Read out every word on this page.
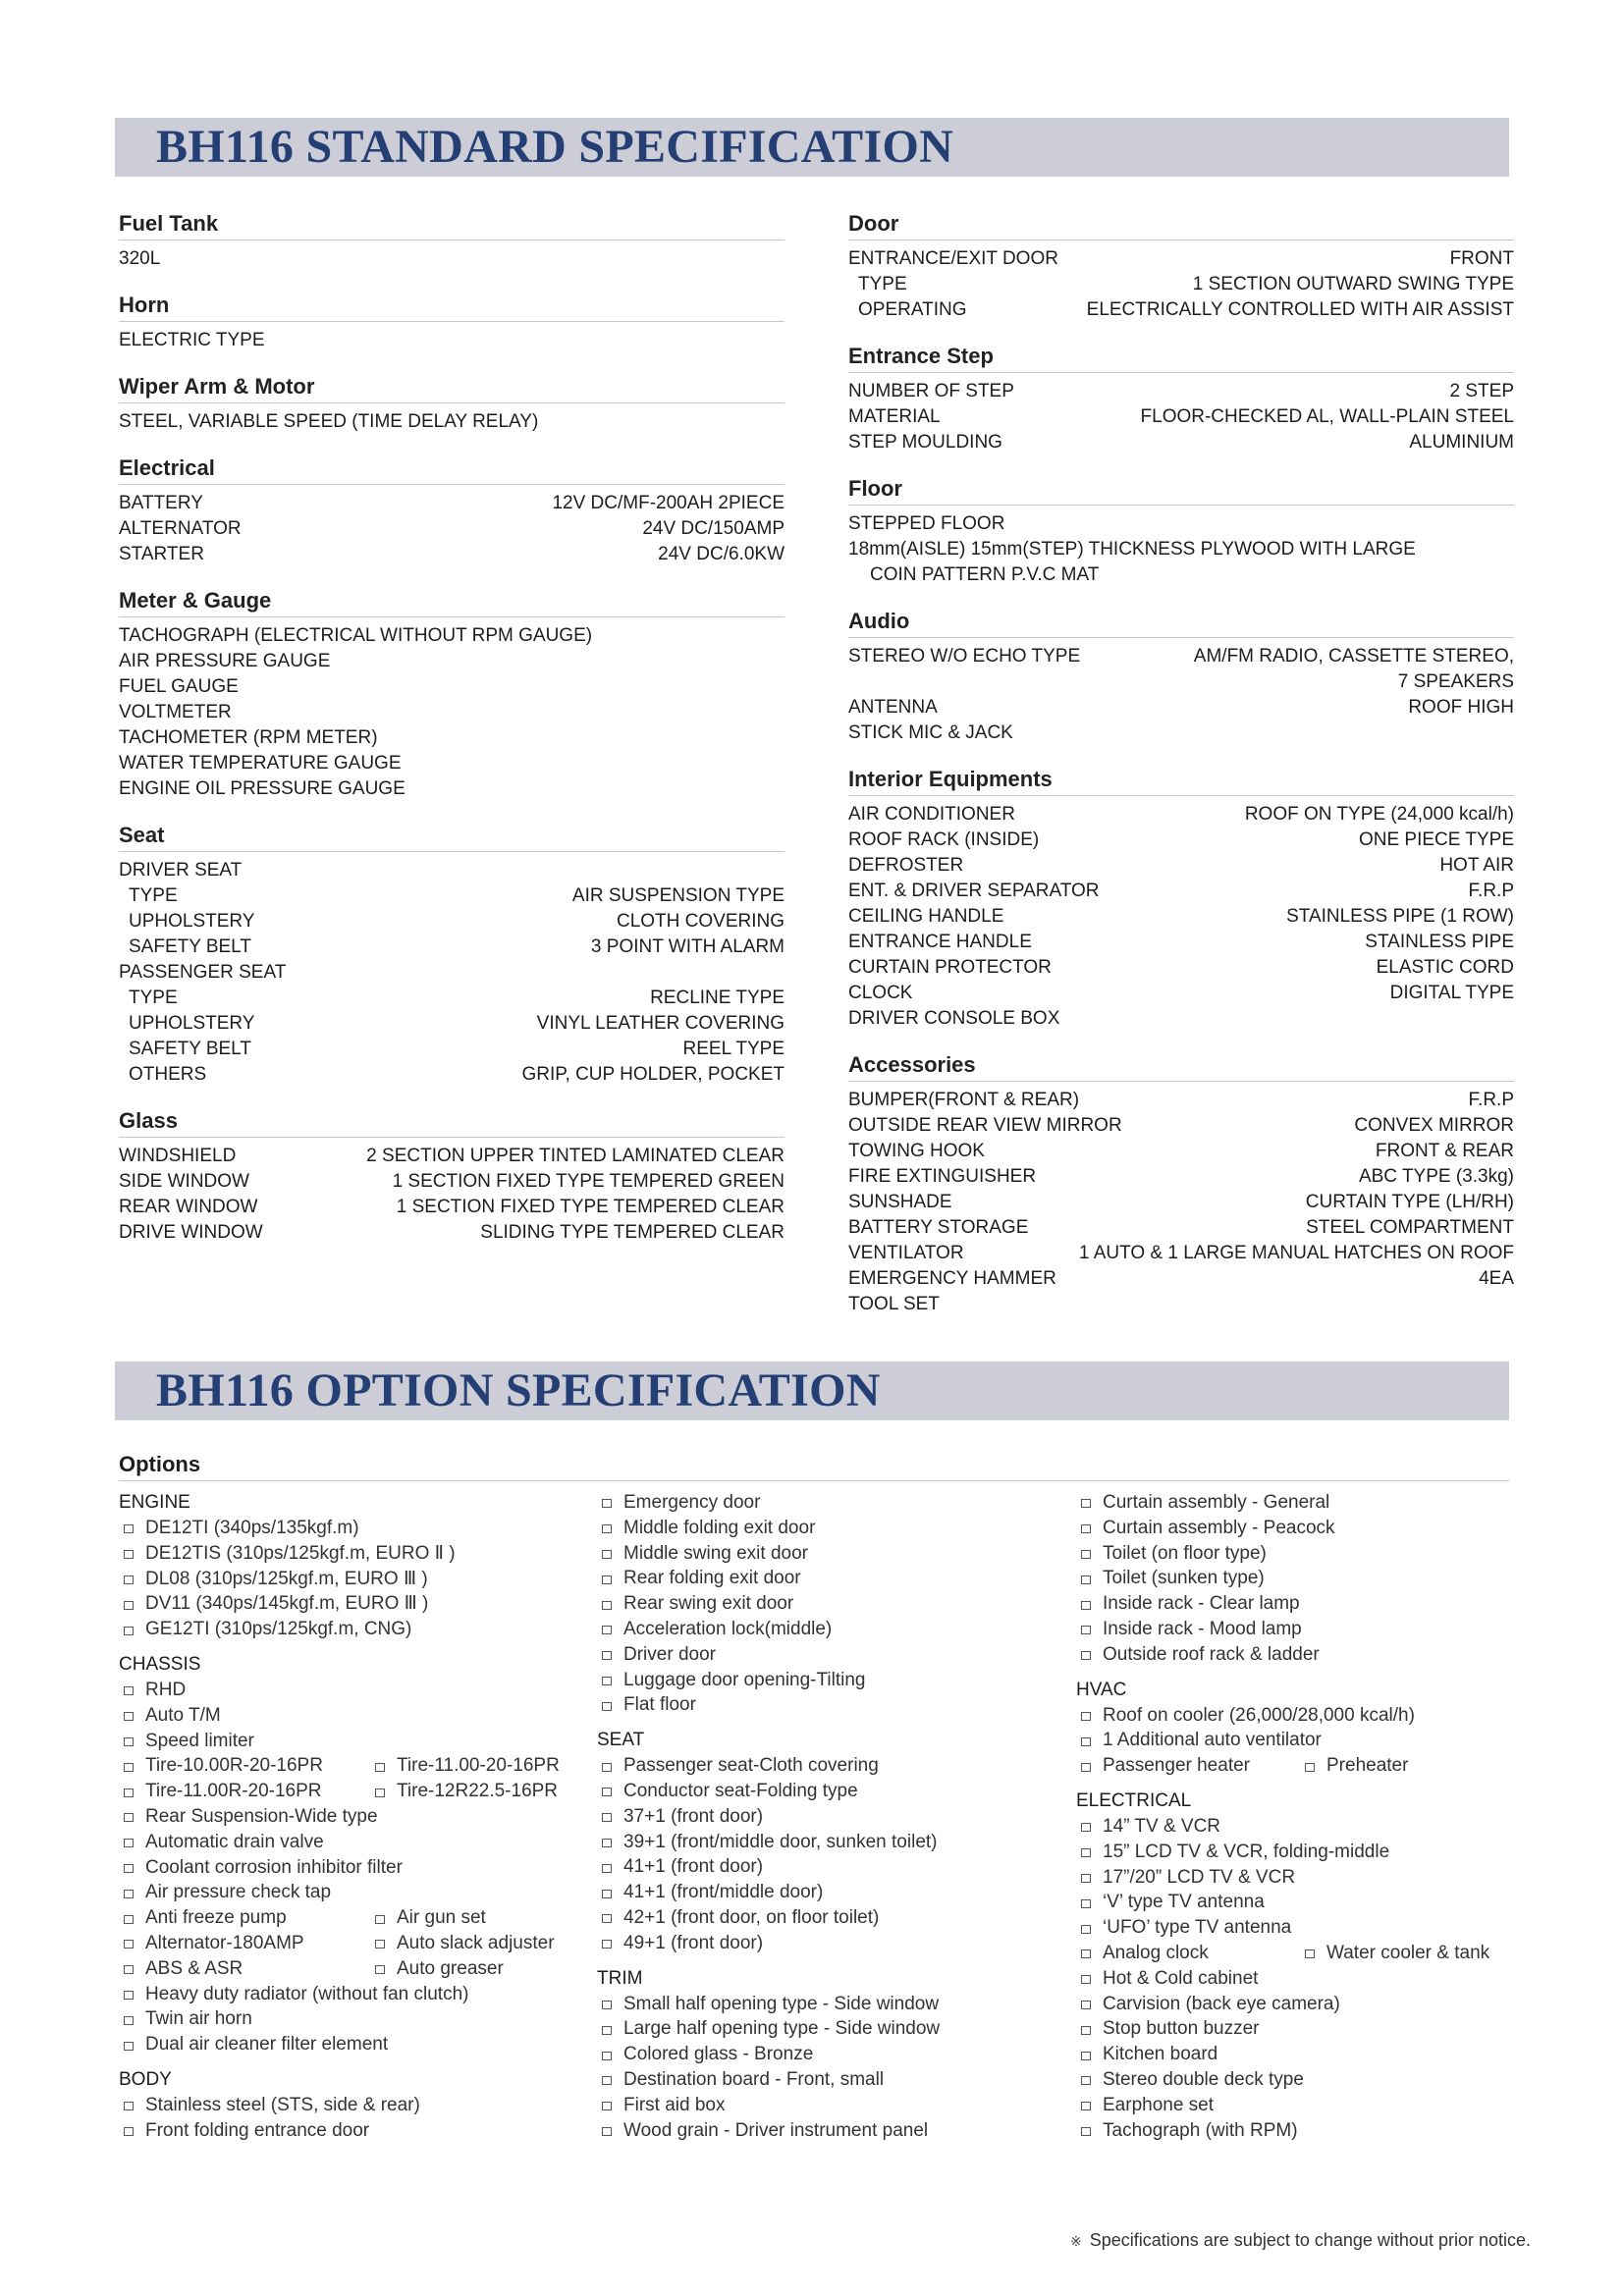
BH116 STANDARD SPECIFICATION
Fuel Tank
320L
Horn
ELECTRIC TYPE
Wiper Arm & Motor
STEEL, VARIABLE SPEED (TIME DELAY RELAY)
Electrical
BATTERY	12V DC/MF-200AH 2PIECE
ALTERNATOR	24V DC/150AMP
STARTER	24V DC/6.0KW
Meter & Gauge
TACHOGRAPH (ELECTRICAL WITHOUT RPM GAUGE)
AIR PRESSURE GAUGE
FUEL GAUGE
VOLTMETER
TACHOMETER (RPM METER)
WATER TEMPERATURE GAUGE
ENGINE OIL PRESSURE GAUGE
Seat
DRIVER SEAT
TYPE	AIR SUSPENSION TYPE
UPHOLSTERY	CLOTH COVERING
SAFETY BELT	3 POINT WITH ALARM
PASSENGER SEAT
TYPE	RECLINE TYPE
UPHOLSTERY	VINYL LEATHER COVERING
SAFETY BELT	REEL TYPE
OTHERS	GRIP, CUP HOLDER, POCKET
Glass
WINDSHIELD	2 SECTION UPPER TINTED LAMINATED CLEAR
SIDE WINDOW	1 SECTION FIXED TYPE TEMPERED GREEN
REAR WINDOW	1 SECTION FIXED TYPE TEMPERED CLEAR
DRIVE WINDOW	SLIDING TYPE TEMPERED CLEAR
Door
ENTRANCE/EXIT DOOR	FRONT
TYPE	1 SECTION OUTWARD SWING TYPE
OPERATING	ELECTRICALLY CONTROLLED WITH AIR ASSIST
Entrance Step
NUMBER OF STEP	2 STEP
MATERIAL	FLOOR-CHECKED AL, WALL-PLAIN STEEL
STEP MOULDING	ALUMINIUM
Floor
STEPPED FLOOR
18mm(AISLE) 15mm(STEP) THICKNESS PLYWOOD WITH LARGE
COIN PATTERN P.V.C MAT
Audio
STEREO W/O ECHO TYPE	AM/FM RADIO, CASSETTE STEREO,
7 SPEAKERS
ANTENNA	ROOF HIGH
STICK MIC & JACK
Interior Equipments
AIR CONDITIONER	ROOF ON TYPE (24,000 kcal/h)
ROOF RACK (INSIDE)	ONE PIECE TYPE
DEFROSTER	HOT AIR
ENT. & DRIVER SEPARATOR	F.R.P
CEILING HANDLE	STAINLESS PIPE (1 ROW)
ENTRANCE HANDLE	STAINLESS PIPE
CURTAIN PROTECTOR	ELASTIC CORD
CLOCK	DIGITAL TYPE
DRIVER CONSOLE BOX
Accessories
BUMPER(FRONT & REAR)	F.R.P
OUTSIDE REAR VIEW MIRROR	CONVEX MIRROR
TOWING HOOK	FRONT & REAR
FIRE EXTINGUISHER	ABC TYPE (3.3kg)
SUNSHADE	CURTAIN TYPE (LH/RH)
BATTERY STORAGE	STEEL COMPARTMENT
VENTILATOR	1 AUTO & 1 LARGE MANUAL HATCHES ON ROOF
EMERGENCY HAMMER	4EA
TOOL SET
BH116 OPTION SPECIFICATION
Options
ENGINE
DE12TI (340ps/135kgf.m)
DE12TIS (310ps/125kgf.m, EURO Ⅱ )
DL08 (310ps/125kgf.m, EURO Ⅲ )
DV11 (340ps/145kgf.m, EURO Ⅲ )
GE12TI (310ps/125kgf.m, CNG)
CHASSIS
RHD
Auto T/M
Speed limiter
Tire-10.00R-20-16PR	Tire-11.00-20-16PR
Tire-11.00R-20-16PR	Tire-12R22.5-16PR
Rear Suspension-Wide type
Automatic drain valve
Coolant corrosion inhibitor filter
Air pressure check tap
Anti freeze pump	Air gun set
Alternator-180AMP	Auto slack adjuster
ABS & ASR	Auto greaser
Heavy duty radiator (without fan clutch)
Twin air horn
Dual air cleaner filter element
BODY
Stainless steel (STS, side & rear)
Front folding entrance door
Emergency door
Middle folding exit door
Middle swing exit door
Rear folding exit door
Rear swing exit door
Acceleration lock(middle)
Driver door
Luggage door opening-Tilting
Flat floor
SEAT
Passenger seat-Cloth covering
Conductor seat-Folding type
37+1 (front door)
39+1 (front/middle door, sunken toilet)
41+1 (front door)
41+1 (front/middle door)
42+1 (front door, on floor toilet)
49+1 (front door)
TRIM
Small half opening type - Side window
Large half opening type - Side window
Colored glass - Bronze
Destination board - Front, small
First aid box
Wood grain - Driver instrument panel
Curtain assembly - General
Curtain assembly - Peacock
Toilet (on floor type)
Toilet (sunken type)
Inside rack - Clear lamp
Inside rack - Mood lamp
Outside roof rack & ladder
HVAC
Roof on cooler (26,000/28,000 kcal/h)
1 Additional auto ventilator
Passenger heater	Preheater
ELECTRICAL
14” TV & VCR
15” LCD TV & VCR, folding-middle
17”/20” LCD TV & VCR
‘V’ type TV antenna
‘UFO’ type TV antenna
Analog clock	Water cooler & tank
Hot & Cold cabinet
Carvision (back eye camera)
Stop button buzzer
Kitchen board
Stereo double deck type
Earphone set
Tachograph (with RPM)
※ Specifications are subject to change without prior notice.
